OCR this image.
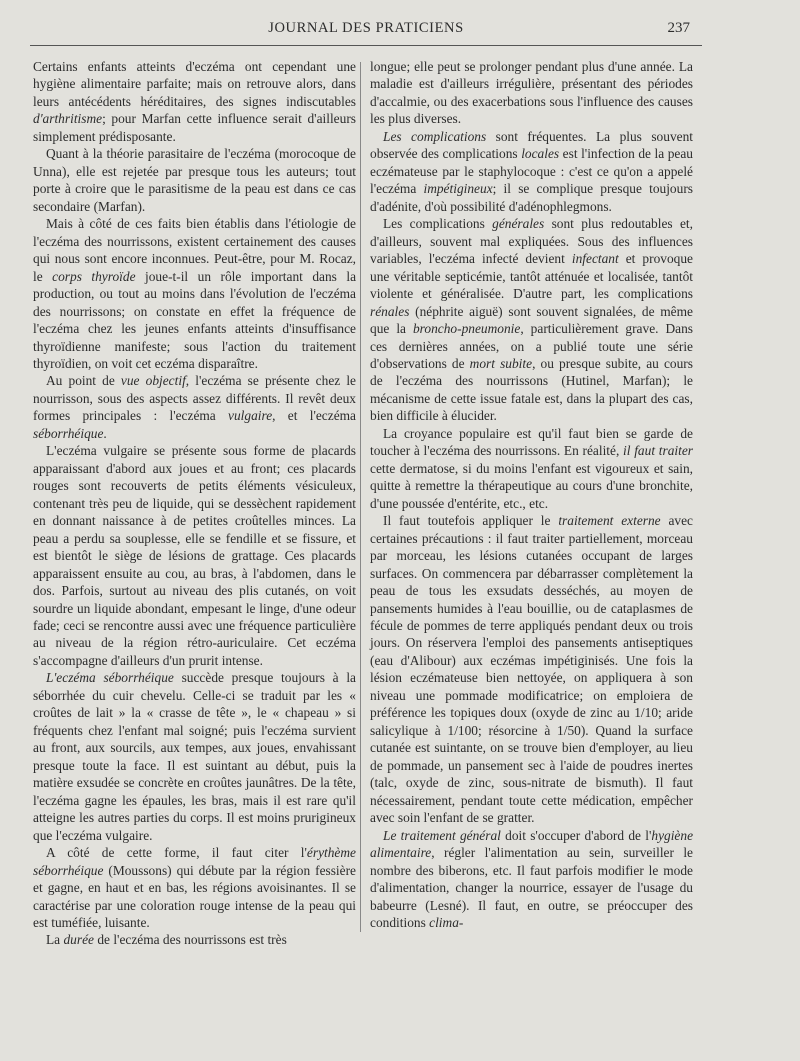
JOURNAL DES PRATICIENS	237

Certains enfants atteints d'eczéma ont cependant une hygiène alimentaire parfaite; mais on retrouve alors, dans leurs antécédents héréditaires, des signes indiscutables d'arthritisme; pour Marfan cette influence serait d'ailleurs simplement prédisposante.

Quant à la théorie parasitaire de l'eczéma (morocoque de Unna), elle est rejetée par presque tous les auteurs; tout porte à croire que le parasitisme de la peau est dans ce cas secondaire (Marfan).

Mais à côté de ces faits bien établis dans l'étiologie de l'eczéma des nourrissons, existent certainement des causes qui nous sont encore inconnues. Peut-être, pour M. Rocaz, le corps thyroïde joue-t-il un rôle important dans la production, ou tout au moins dans l'évolution de l'eczéma des nourrissons; on constate en effet la fréquence de l'eczéma chez les jeunes enfants atteints d'insuffisance thyroïdienne manifeste; sous l'action du traitement thyroïdien, on voit cet eczéma disparaître.

Au point de vue objectif, l'eczéma se présente chez le nourrisson, sous des aspects assez différents. Il revêt deux formes principales : l'eczéma vulgaire, et l'eczéma séborrhéique.

L'eczéma vulgaire se présente sous forme de placards apparaissant d'abord aux joues et au front; ces placards rouges sont recouverts de petits éléments vésiculeux, contenant très peu de liquide, qui se dessèchent rapidement en donnant naissance à de petites croûtelles minces. La peau a perdu sa souplesse, elle se fendille et se fissure, et est bientôt le siège de lésions de grattage. Ces placards apparaissent ensuite au cou, au bras, à l'abdomen, dans le dos. Parfois, surtout au niveau des plis cutanés, on voit sourdre un liquide abondant, empesant le linge, d'une odeur fade; ceci se rencontre aussi avec une fréquence particulière au niveau de la région rétro-auriculaire. Cet eczéma s'accompagne d'ailleurs d'un prurit intense.

L'eczéma séborrhéique succède presque toujours à la séborrhée du cuir chevelu. Celle-ci se traduit par les « croûtes de lait » la « crasse de tête », le « chapeau » si fréquents chez l'enfant mal soigné; puis l'eczéma survient au front, aux sourcils, aux tempes, aux joues, envahissant presque toute la face. Il est suintant au début, puis la matière exsudée se concrète en croûtes jaunâtres. De la tête, l'eczéma gagne les épaules, les bras, mais il est rare qu'il atteigne les autres parties du corps. Il est moins prurigineux que l'eczéma vulgaire.

A côté de cette forme, il faut citer l'érythème séborrhéique (Moussons) qui débute par la région fessière et gagne, en haut et en bas, les régions avoisinantes. Il se caractérise par une coloration rouge intense de la peau qui est tuméfiée, luisante.

La durée de l'eczéma des nourrissons est très

longue; elle peut se prolonger pendant plus d'une année. La maladie est d'ailleurs irrégulière, présentant des périodes d'accalmie, ou des exacerbations sous l'influence des causes les plus diverses.

Les complications sont fréquentes. La plus souvent observée des complications locales est l'infection de la peau eczémateuse par le staphylocoque : c'est ce qu'on a appelé l'eczéma impétigineux; il se complique presque toujours d'adénite, d'où possibilité d'adénophlegmons.

Les complications générales sont plus redoutables et, d'ailleurs, souvent mal expliquées. Sous des influences variables, l'eczéma infecté devient infectant et provoque une véritable septicémie, tantôt atténuée et localisée, tantôt violente et généralisée. D'autre part, les complications rénales (néphrite aiguë) sont souvent signalées, de même que la broncho-pneumonie, particulièrement grave. Dans ces dernières années, on a publié toute une série d'observations de mort subite, ou presque subite, au cours de l'eczéma des nourrissons (Hutinel, Marfan); le mécanisme de cette issue fatale est, dans la plupart des cas, bien difficile à élucider.

La croyance populaire est qu'il faut bien se garde de toucher à l'eczéma des nourrissons. En réalité, il faut traiter cette dermatose, si du moins l'enfant est vigoureux et sain, quitte à remettre la thérapeutique au cours d'une bronchite, d'une poussée d'entérite, etc., etc.

Il faut toutefois appliquer le traitement externe avec certaines précautions : il faut traiter partiellement, morceau par morceau, les lésions cutanées occupant de larges surfaces. On commencera par débarrasser complètement la peau de tous les exsudats desséchés, au moyen de pansements humides à l'eau bouillie, ou de cataplasmes de fécule de pommes de terre appliqués pendant deux ou trois jours. On réservera l'emploi des pansements antiseptiques (eau d'Alibour) aux eczémas impétiginisés. Une fois la lésion eczémateuse bien nettoyée, on appliquera à son niveau une pommade modificatrice; on emploiera de préférence les topiques doux (oxyde de zinc au 1/10; aride salicylique à 1/100; résorcine à 1/50). Quand la surface cutanée est suintante, on se trouve bien d'employer, au lieu de pommade, un pansement sec à l'aide de poudres inertes (talc, oxyde de zinc, sous-nitrate de bismuth). Il faut nécessairement, pendant toute cette médication, empêcher avec soin l'enfant de se gratter.

Le traitement général doit s'occuper d'abord de l'hygiène alimentaire, régler l'alimentation au sein, surveiller le nombre des biberons, etc. Il faut parfois modifier le mode d'alimentation, changer la nourrice, essayer de l'usage du babeurre (Lesné). Il faut, en outre, se préoccuper des conditions clima-
